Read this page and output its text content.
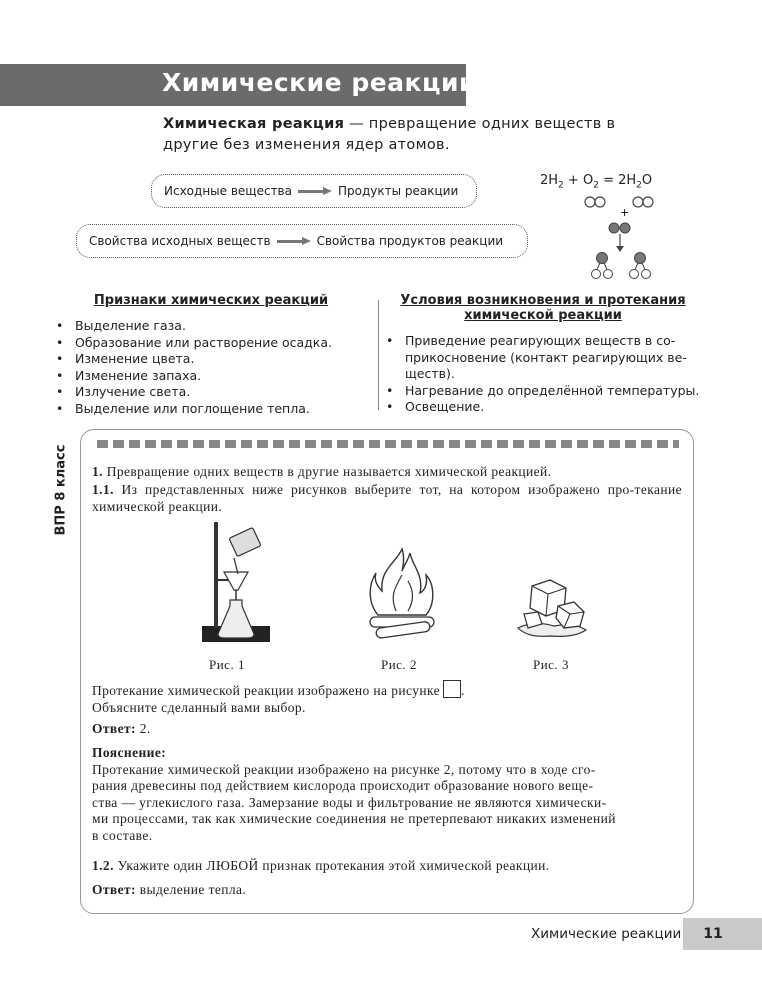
Химические реакции
Химическая реакция — превращение одних веществ в другие без изменения ядер атомов.
Исходные вещества	Продукты реакции
Свойства исходных веществ	Свойства продуктов реакции
$2H_2 + O_2 = 2H_2O$
+
Признаки химических реакций
• Выделение газа.
• Образование или растворение осадка.
• Изменение цвета.
• Изменение запаха.
• Излучение света.
• Выделение или поглощение тепла.
Условия возникновения и протекания
химической реакции
• Приведение реагирующих веществ в со-прикосновение (контакт реагирующих ве-ществ).
• Нагревание до определённой температуры.
• Освещение.
ВПР 8 класс 1. Превращение одних веществ в другие называется химической реакцией.
1.1. Из представленных ниже рисунков выберите тот, на котором изображено про-текание химической реакции.
Рис. 1	Рис. 2	Рис. 3
Протекание химической реакции изображено на рисунке .
Объясните сделанный вами выбор.
Ответ: 2.
Пояснение:
Протекание химической реакции изображено на рисунке 2, потому что в ходе сго-
рания древесины под действием кислорода происходит образование нового веще-
ства — углекислого газа. Замерзание воды и фильтрование не являются химически-
ми процессами, так как химические соединения не претерпевают никаких изменений
в составе.
1.2. Укажите один ЛЮБОЙ признак протекания этой химической реакции.
Ответ: выделение тепла.
Химические реакции	11
